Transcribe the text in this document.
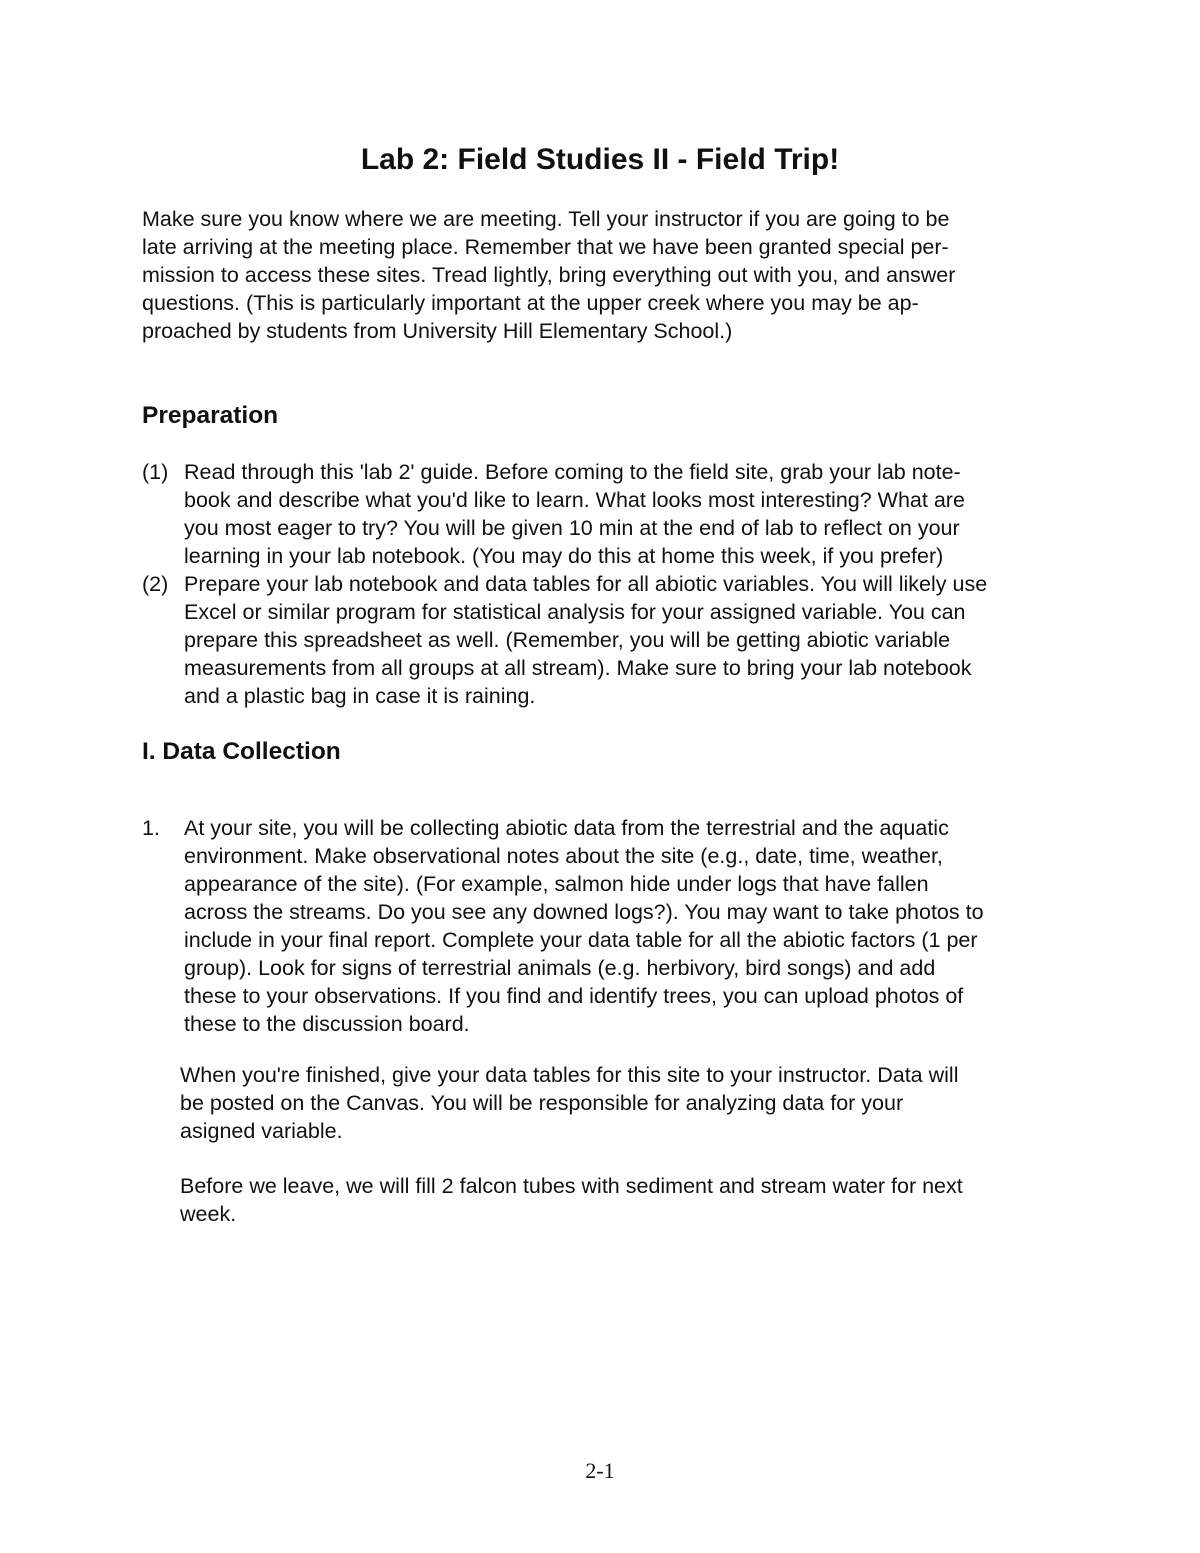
Lab 2: Field Studies II - Field Trip!

Make sure you know where we are meeting. Tell your instructor if you are going to be
late arriving at the meeting place. Remember that we have been granted special per-
mission to access these sites. Tread lightly, bring everything out with you, and answer
questions. (This is particularly important at the upper creek where you may be ap-
proached by students from University Hill Elementary School.)

Preparation
(1) Read through this 'lab 2' guide. Before coming to the field site, grab your lab note-
book and describe what you'd like to learn. What looks most interesting? What are
you most eager to try? You will be given 10 min at the end of lab to reflect on your
learning in your lab notebook. (You may do this at home this week, if you prefer)
(2) Prepare your lab notebook and data tables for all abiotic variables. You will likely use
Excel or similar program for statistical analysis for your assigned variable. You can
prepare this spreadsheet as well. (Remember, you will be getting abiotic variable
measurements from all groups at all stream). Make sure to bring your lab notebook
and a plastic bag in case it is raining.
I. Data Collection
1. At your site, you will be collecting abiotic data from the terrestrial and the aquatic
environment. Make observational notes about the site (e.g., date, time, weather,
appearance of the site). (For example, salmon hide under logs that have fallen
across the streams. Do you see any downed logs?). You may want to take photos to
include in your final report. Complete your data table for all the abiotic factors (1 per
group). Look for signs of terrestrial animals (e.g. herbivory, bird songs) and add
these to your observations. If you find and identify trees, you can upload photos of
these to the discussion board.

When you're finished, give your data tables for this site to your instructor. Data will
be posted on the Canvas. You will be responsible for analyzing data for your
asigned variable.

Before we leave, we will fill 2 falcon tubes with sediment and stream water for next
week.

2-1
